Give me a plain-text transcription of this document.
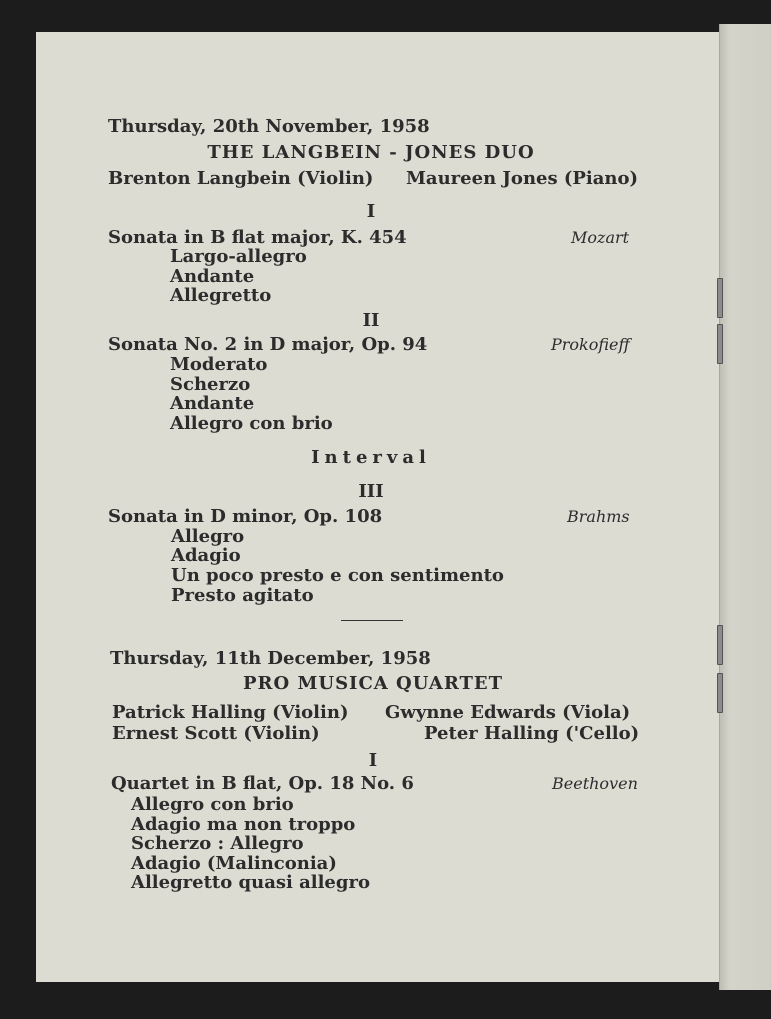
Thursday, 20th November, 1958
THE LANGBEIN - JONES DUO
Brenton Langbein (Violin) Maureen Jones (Piano)
I
Sonata in B flat major, K. 454	Mozart
Largo-allegro
Andante
Allegretto
II
Sonata No. 2 in D major, Op. 94	Prokofieff
Moderato
Scherzo
Andante
Allegro con brio
Interval
III
Sonata in D minor, Op. 108	Brahms
Allegro
Adagio
Un poco presto e con sentimento
Presto agitato
Thursday, 11th December, 1958
PRO MUSICA QUARTET
Patrick Halling (Violin) Gwynne Edwards (Viola)
Ernest Scott (Violin)	Peter Halling ('Cello)
I
Quartet in B flat, Op. 18 No. 6	Beethoven
Allegro con brio
Adagio ma non troppo
Scherzo : Allegro
Adagio (Malinconia)
Allegretto quasi allegro
